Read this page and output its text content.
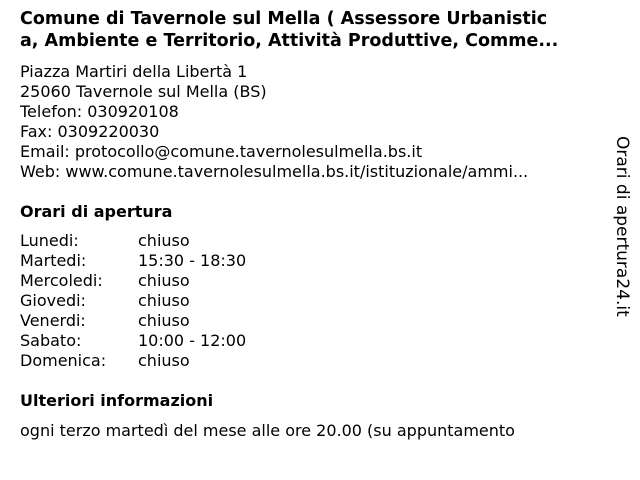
Comune di Tavernole sul Mella ( Assessore Urbanistic
a, Ambiente e Territorio, Attività Produttive, Comme...
Piazza Martiri della Libertà 1
25060 Tavernole sul Mella (BS)
Telefon: 030920108
Fax: 0309220030
Email: protocollo@comune.tavernolesulmella.bs.it
Web: www.comune.tavernolesulmella.bs.it/istituzionale/ammi...
Orari di apertura
Lunedi:	chiuso
Martedi:	15:30 - 18:30
Mercoledi:	chiuso
Giovedi:	chiuso
Venerdi:	chiuso
Sabato:	10:00 - 12:00
Domenica:	chiuso
Ulteriori informazioni
ogni terzo martedì del mese alle ore 20.00 (su appuntamento
Orari di apertura24.it
